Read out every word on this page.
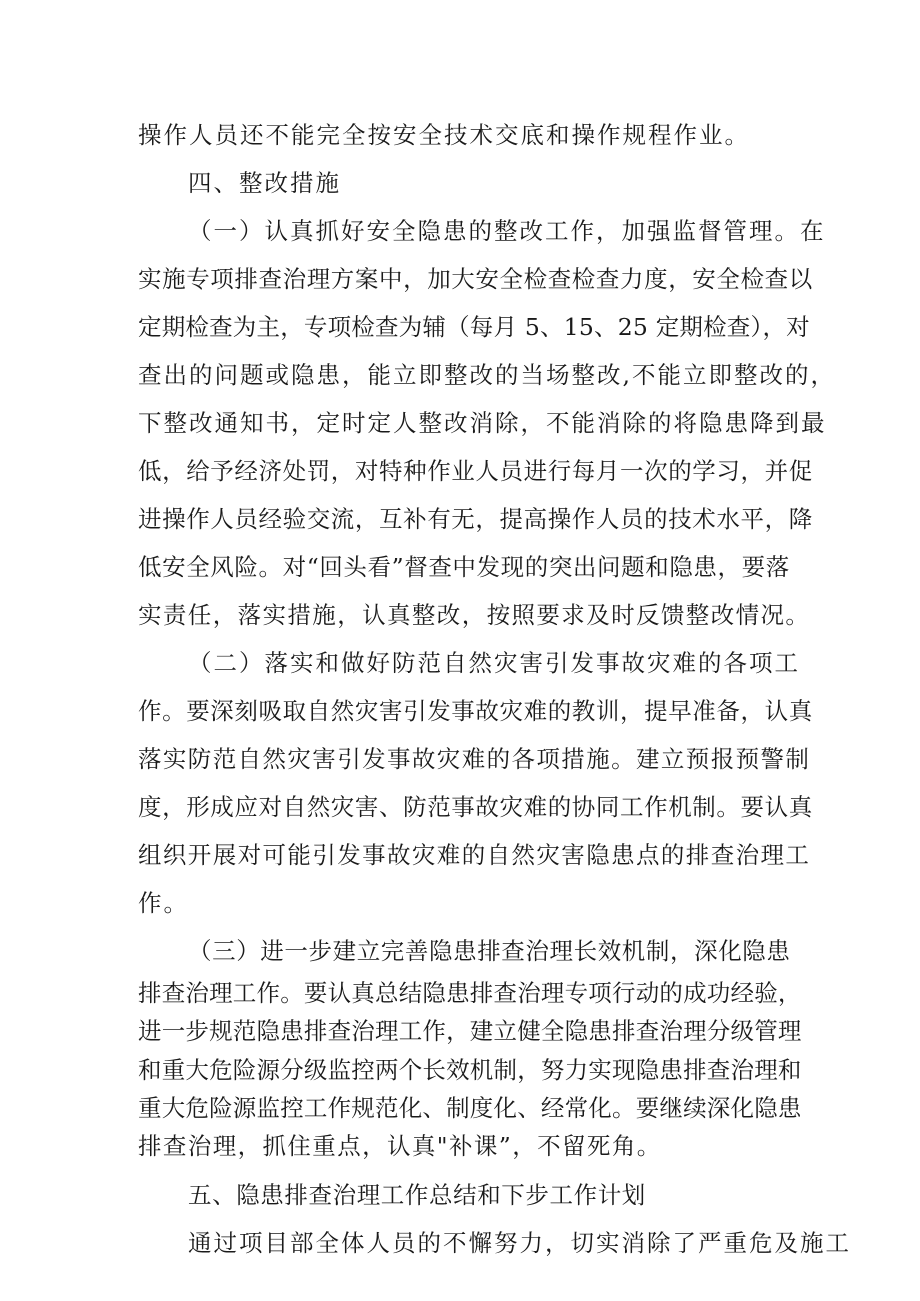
操作人员还不能完全按安全技术交底和操作规程作业。

四、整改措施

（一）认真抓好安全隐患的整改工作，加强监督管理。在

实施专项排查治理方案中，加大安全检查检查力度，安全检查以

定期检查为主，专项检查为辅（每月 5、15、25 定期检查），对

查出的问题或隐患，能立即整改的当场整改,不能立即整改的，

下整改通知书，定时定人整改消除，不能消除的将隐患降到最

低，给予经济处罚，对特种作业人员进行每月一次的学习，并促

进操作人员经验交流，互补有无，提高操作人员的技术水平，降

低安全风险。对“回头看”督查中发现的突出问题和隐患，要落

实责任，落实措施，认真整改，按照要求及时反馈整改情况。

（二）落实和做好防范自然灾害引发事故灾难的各项工

作。要深刻吸取自然灾害引发事故灾难的教训，提早准备，认真

落实防范自然灾害引发事故灾难的各项措施。建立预报预警制

度，形成应对自然灾害、防范事故灾难的协同工作机制。要认真

组织开展对可能引发事故灾难的自然灾害隐患点的排查治理工

作。

（三）进一步建立完善隐患排查治理长效机制，深化隐患

排查治理工作。要认真总结隐患排查治理专项行动的成功经验，

进一步规范隐患排查治理工作，建立健全隐患排查治理分级管理

和重大危险源分级监控两个长效机制，努力实现隐患排查治理和

重大危险源监控工作规范化、制度化、经常化。要继续深化隐患

排查治理，抓住重点，认真"补课”，不留死角。

五、隐患排查治理工作总结和下步工作计划

通过项目部全体人员的不懈努力，切实消除了严重危及施工
